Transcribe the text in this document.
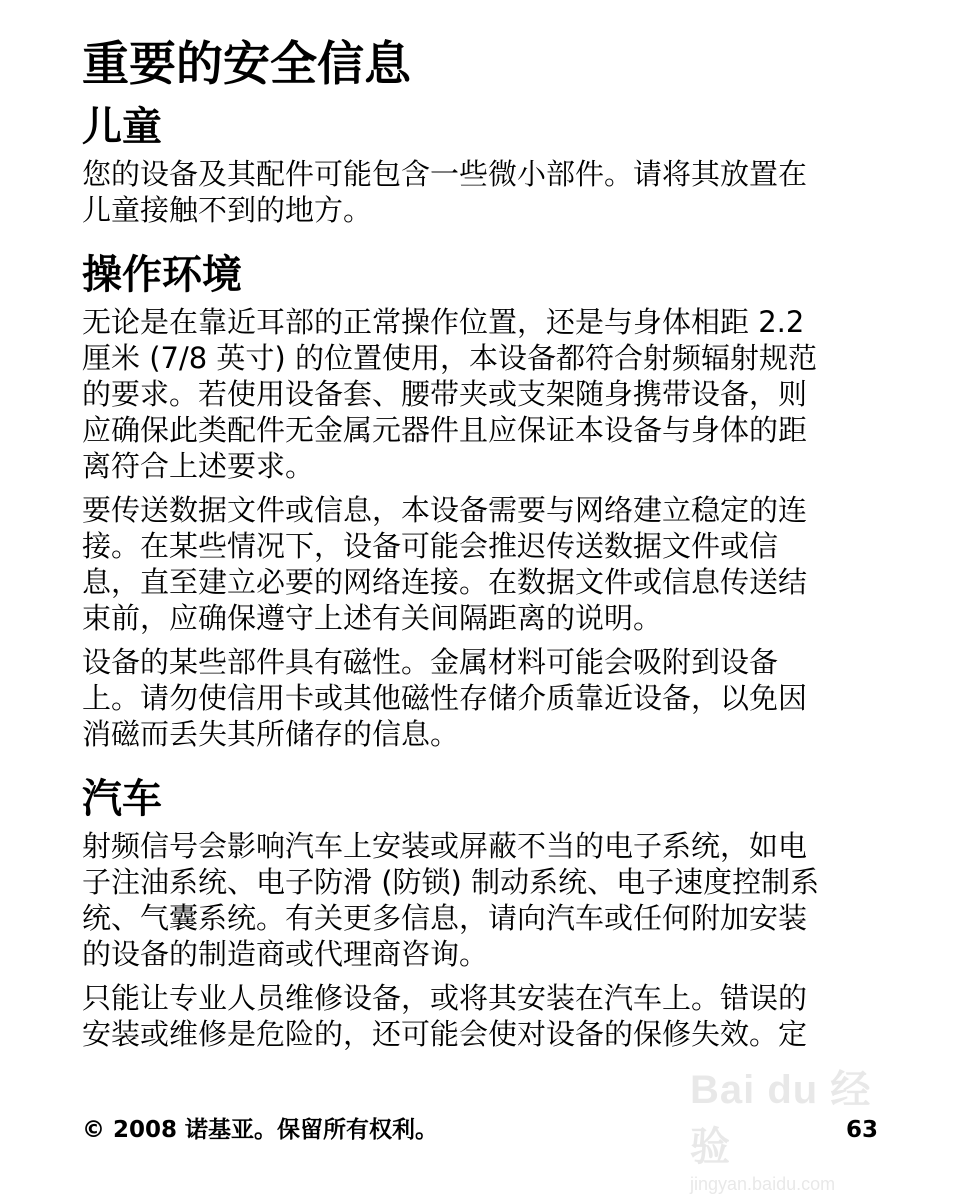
重要的安全信息
儿童

您的设备及其配件可能包含一些微小部件。请将其放置在
儿童接触不到的地方。

操作环境

无论是在靠近耳部的正常操作位置，还是与身体相距 2.2
厘米 (7/8 英寸) 的位置使用，本设备都符合射频辐射规范
的要求。若使用设备套、腰带夹或支架随身携带设备，则
应确保此类配件无金属元器件且应保证本设备与身体的距
离符合上述要求。

要传送数据文件或信息，本设备需要与网络建立稳定的连
接。在某些情况下，设备可能会推迟传送数据文件或信
息，直至建立必要的网络连接。在数据文件或信息传送结
束前，应确保遵守上述有关间隔距离的说明。

设备的某些部件具有磁性。金属材料可能会吸附到设备
上。请勿使信用卡或其他磁性存储介质靠近设备，以免因
消磁而丢失其所储存的信息。

汽车

射频信号会影响汽车上安装或屏蔽不当的电子系统，如电
子注油系统、电子防滑 (防锁) 制动系统、电子速度控制系
统、气囊系统。有关更多信息，请向汽车或任何附加安装
的设备的制造商或代理商咨询。

只能让专业人员维修设备，或将其安装在汽车上。错误的
安装或维修是危险的，还可能会使对设备的保修失效。定

© 2008 诺基亚。保留所有权利。	63
Bai du 经验
jingyan.baidu.com
